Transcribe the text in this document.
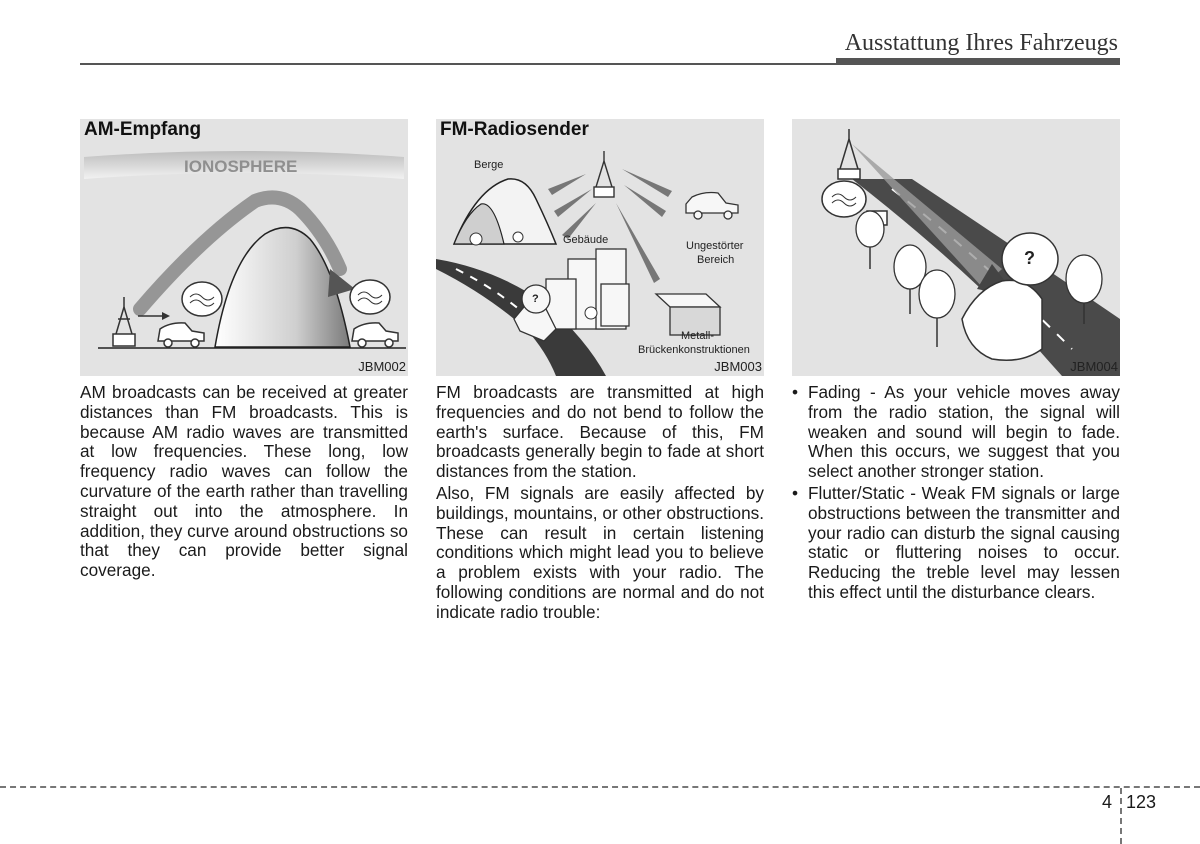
Ausstattung Ihres Fahrzeugs
AM-Empfang
IONOSPHERE
JBM002
FM-Radiosender
Berge
Gebäude	Ungestörter
Bereich
Metall-
Brückenkonstruktionen
?
JBM003
?
JBM004

AM broadcasts can be received at greater distances than FM broadcasts. This is because AM radio waves are transmitted at low frequencies. These long, low frequency radio waves can follow the curvature of the earth rather than travelling straight out into the atmosphere. In addition, they curve around obstructions so that they can provide better signal coverage.

FM broadcasts are transmitted at high frequencies and do not bend to follow the earth's surface. Because of this, FM broadcasts generally begin to fade at short distances from the station.

Also, FM signals are easily affected by buildings, mountains, or other obstructions. These can result in certain listening conditions which might lead you to believe a problem exists with your radio. The following conditions are normal and do not indicate radio trouble:

• Fading - As your vehicle moves away from the radio station, the signal will weaken and sound will begin to fade. When this occurs, we suggest that you select another stronger station.
• Flutter/Static - Weak FM signals or large obstructions between the transmitter and your radio can disturb the signal causing static or fluttering noises to occur. Reducing the treble level may lessen this effect until the disturbance clears.
4 123
